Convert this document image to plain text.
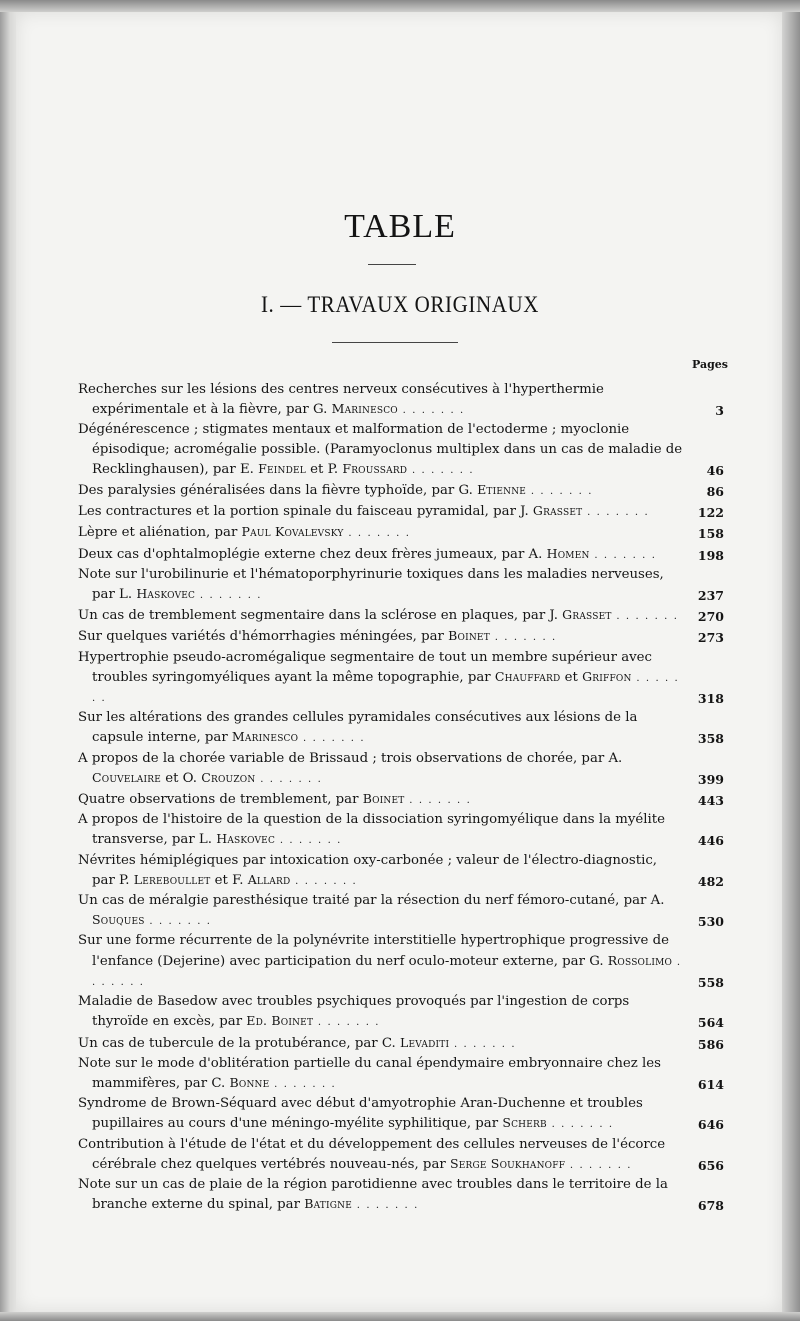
TABLE
I. — TRAVAUX ORIGINAUX
Pages
Recherches sur les lésions des centres nerveux consécutives à l'hyperthermie expérimentale et à la fièvre, par G. Marinesco . . . . . . .	3
Dégénérescence ; stigmates mentaux et malformation de l'ectoderme ; myoclonie épisodique; acromégalie possible. (Paramyoclonus multiplex dans un cas de maladie de Recklinghausen), par E. Feindel et P. Froussard . . . . . . .	46
Des paralysies généralisées dans la fièvre typhoïde, par G. Etienne . . . . . . .	86
Les contractures et la portion spinale du faisceau pyramidal, par J. Grasset . . . . . . .	122
Lèpre et aliénation, par Paul Kovalevsky . . . . . . .	158
Deux cas d'ophtalmoplégie externe chez deux frères jumeaux, par A. Homen . . . . . . .	198
Note sur l'urobilinurie et l'hématoporphyrinurie toxiques dans les maladies nerveuses, par L. Haskovec . . . . . . .	237
Un cas de tremblement segmentaire dans la sclérose en plaques, par J. Grasset . . . . . . .	270
Sur quelques variétés d'hémorrhagies méningées, par Boinet . . . . . . .	273
Hypertrophie pseudo-acromégalique segmentaire de tout un membre supérieur avec troubles syringomyéliques ayant la même topographie, par Chauffard et Griffon . . . . . . .	318
Sur les altérations des grandes cellules pyramidales consécutives aux lésions de la capsule interne, par Marinesco . . . . . . .	358
A propos de la chorée variable de Brissaud ; trois observations de chorée, par A. Couvelaire et O. Crouzon . . . . . . .	399
Quatre observations de tremblement, par Boinet . . . . . . .	443
A propos de l'histoire de la question de la dissociation syringomyélique dans la myélite transverse, par L. Haskovec . . . . . . .	446
Névrites hémiplégiques par intoxication oxy-carbonée ; valeur de l'électro-diagnostic, par P. Lereboullet et F. Allard . . . . . . .	482
Un cas de méralgie paresthésique traité par la résection du nerf fémoro-cutané, par A. Souques . . . . . . .	530
Sur une forme récurrente de la polynévrite interstitielle hypertrophique progressive de l'enfance (Dejerine) avec participation du nerf oculo-moteur externe, par G. Rossolimo . . . . . . .	558
Maladie de Basedow avec troubles psychiques provoqués par l'ingestion de corps thyroïde en excès, par Ed. Boinet . . . . . . .	564
Un cas de tubercule de la protubérance, par C. Levaditi . . . . . . .	586
Note sur le mode d'oblitération partielle du canal épendymaire embryonnaire chez les mammifères, par C. Bonne . . . . . . .	614
Syndrome de Brown-Séquard avec début d'amyotrophie Aran-Duchenne et troubles pupillaires au cours d'une méningo-myélite syphilitique, par Scherb . . . . . . .	646
Contribution à l'étude de l'état et du développement des cellules nerveuses de l'écorce cérébrale chez quelques vertébrés nouveau-nés, par Serge Soukhanoff . . . . . . .	656
Note sur un cas de plaie de la région parotidienne avec troubles dans le territoire de la branche externe du spinal, par Batigne . . . . . . .	678
